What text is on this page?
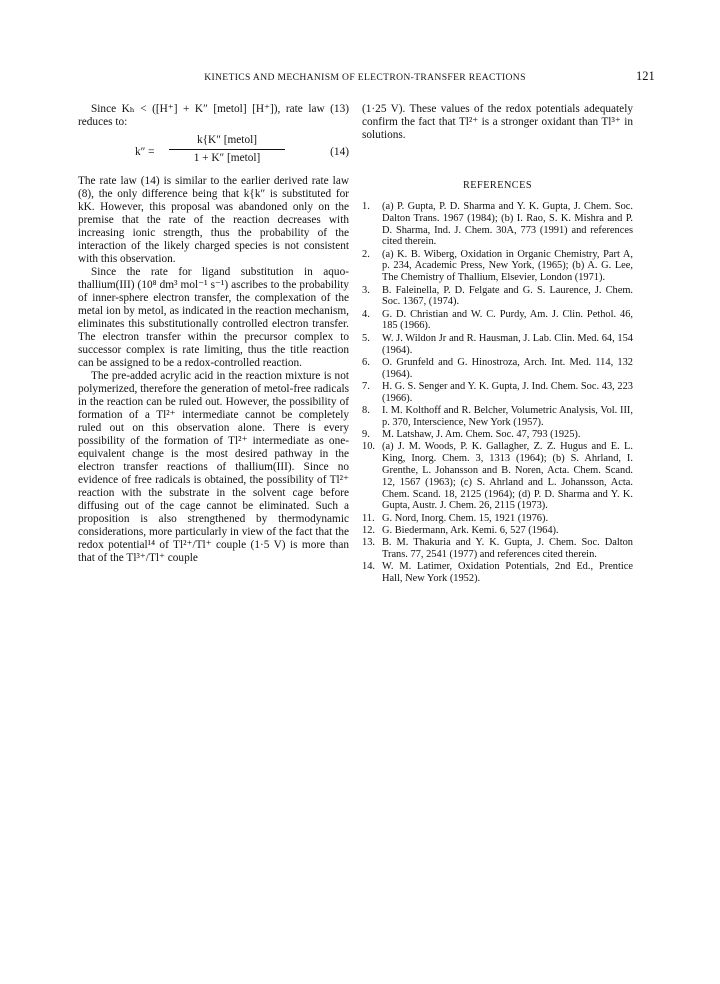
KINETICS AND MECHANISM OF ELECTRON-TRANSFER REACTIONS	121

Since Kₕ < ([H⁺] + K″ [metol] [H⁺]), rate law (13) reduces to:

k″ =
k{K″ [metol]
1 + K″ [metol]	(14)

The rate law (14) is similar to the earlier derived rate law (8), the only difference being that k{k″ is substituted for kK. However, this proposal was abandoned only on the premise that the rate of the reaction decreases with increasing ionic strength, thus the probability of the interaction of the likely charged species is not consistent with this observation.

Since the rate for ligand substitution in aquo-thallium(III) (10⁸ dm³ mol⁻¹ s⁻¹) ascribes to the probability of inner-sphere electron transfer, the complexation of the metal ion by metol, as indicated in the reaction mechanism, eliminates this substitutionally controlled electron transfer. The electron transfer within the precursor complex to successor complex is rate limiting, thus the title reaction can be assigned to be a redox-controlled reaction.

The pre-added acrylic acid in the reaction mixture is not polymerized, therefore the generation of metol-free radicals in the reaction can be ruled out. However, the possibility of formation of a Tl²⁺ intermediate cannot be completely ruled out on this observation alone. There is every possibility of the formation of Tl²⁺ intermediate as one-equivalent change is the most desired pathway in the electron transfer reactions of thallium(III). Since no evidence of free radicals is obtained, the possibility of Tl²⁺ reaction with the substrate in the solvent cage before diffusing out of the cage cannot be eliminated. Such a proposition is also strengthened by thermodynamic considerations, more particularly in view of the fact that the redox potential¹⁴ of Tl²⁺/Tl⁺ couple (1·5 V) is more than that of the Tl³⁺/Tl⁺ couple

(1·25 V). These values of the redox potentials adequately confirm the fact that Tl²⁺ is a stronger oxidant than Tl³⁺ in solutions.

REFERENCES
1.	(a) P. Gupta, P. D. Sharma and Y. K. Gupta, J. Chem. Soc. Dalton Trans. 1967 (1984); (b) I. Rao, S. K. Mishra and P. D. Sharma, Ind. J. Chem. 30A, 773 (1991) and references cited therein.
2.	(a) K. B. Wiberg, Oxidation in Organic Chemistry, Part A, p. 234, Academic Press, New York, (1965); (b) A. G. Lee, The Chemistry of Thallium, Elsevier, London (1971).
3.	B. Faleinella, P. D. Felgate and G. S. Laurence, J. Chem. Soc. 1367, (1974).
4.	G. D. Christian and W. C. Purdy, Am. J. Clin. Pethol. 46, 185 (1966).
5.	W. J. Wildon Jr and R. Hausman, J. Lab. Clin. Med. 64, 154 (1964).
6.	O. Grunfeld and G. Hinostroza, Arch. Int. Med. 114, 132 (1964).
7.	H. G. S. Senger and Y. K. Gupta, J. Ind. Chem. Soc. 43, 223 (1966).
8.	I. M. Kolthoff and R. Belcher, Volumetric Analysis, Vol. III, p. 370, Interscience, New York (1957).
9.	M. Latshaw, J. Am. Chem. Soc. 47, 793 (1925).
10. (a) J. M. Woods, P. K. Gallagher, Z. Z. Hugus and E. L. King, Inorg. Chem. 3, 1313 (1964); (b) S. Ahrland, I. Grenthe, L. Johansson and B. Noren, Acta. Chem. Scand. 12, 1567 (1963); (c) S. Ahrland and L. Johansson, Acta. Chem. Scand. 18, 2125 (1964); (d) P. D. Sharma and Y. K. Gupta, Austr. J. Chem. 26, 2115 (1973).
11. G. Nord, Inorg. Chem. 15, 1921 (1976).
12. G. Biedermann, Ark. Kemi. 6, 527 (1964).
13. B. M. Thakuria and Y. K. Gupta, J. Chem. Soc. Dalton Trans. 77, 2541 (1977) and references cited therein.
14. W. M. Latimer, Oxidation Potentials, 2nd Ed., Prentice Hall, New York (1952).
